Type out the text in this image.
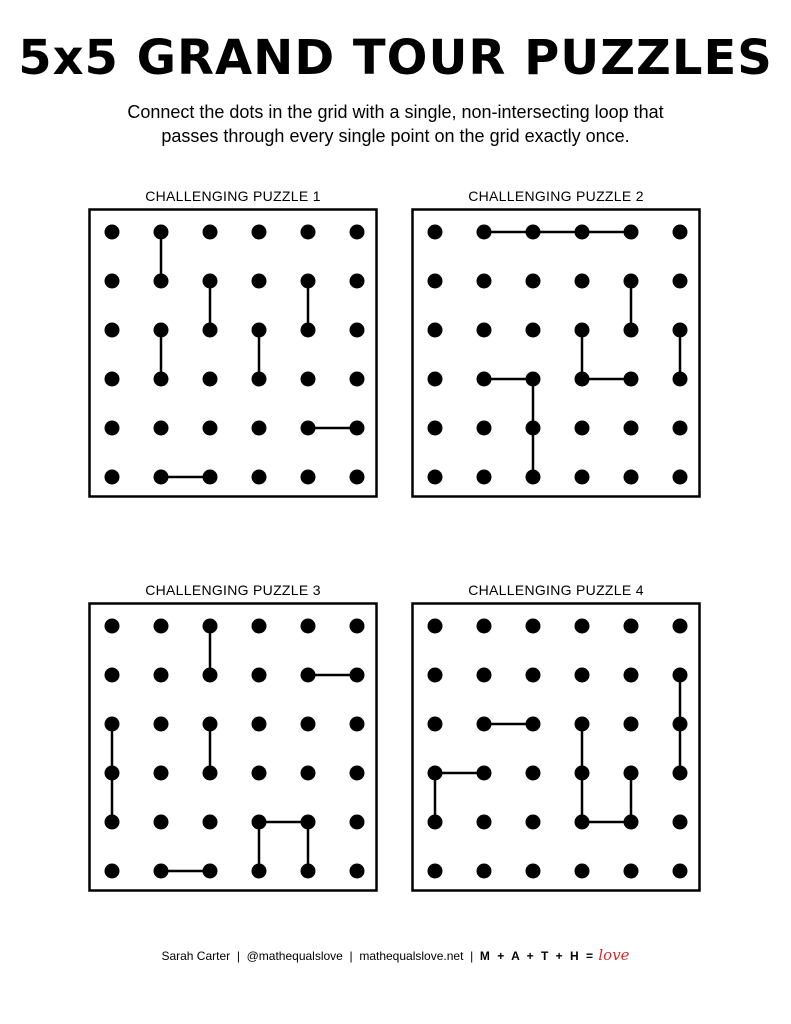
5x5 GRAND TOUR PUZZLES
Connect the dots in the grid with a single, non-intersecting loop that
passes through every single point on the grid exactly once.
CHALLENGING PUZZLE 1	CHALLENGING PUZZLE 2
CHALLENGING PUZZLE 3	CHALLENGING PUZZLE 4
Sarah Carter | @mathequalslove | mathequalslove.net | M + A + T + H = love
